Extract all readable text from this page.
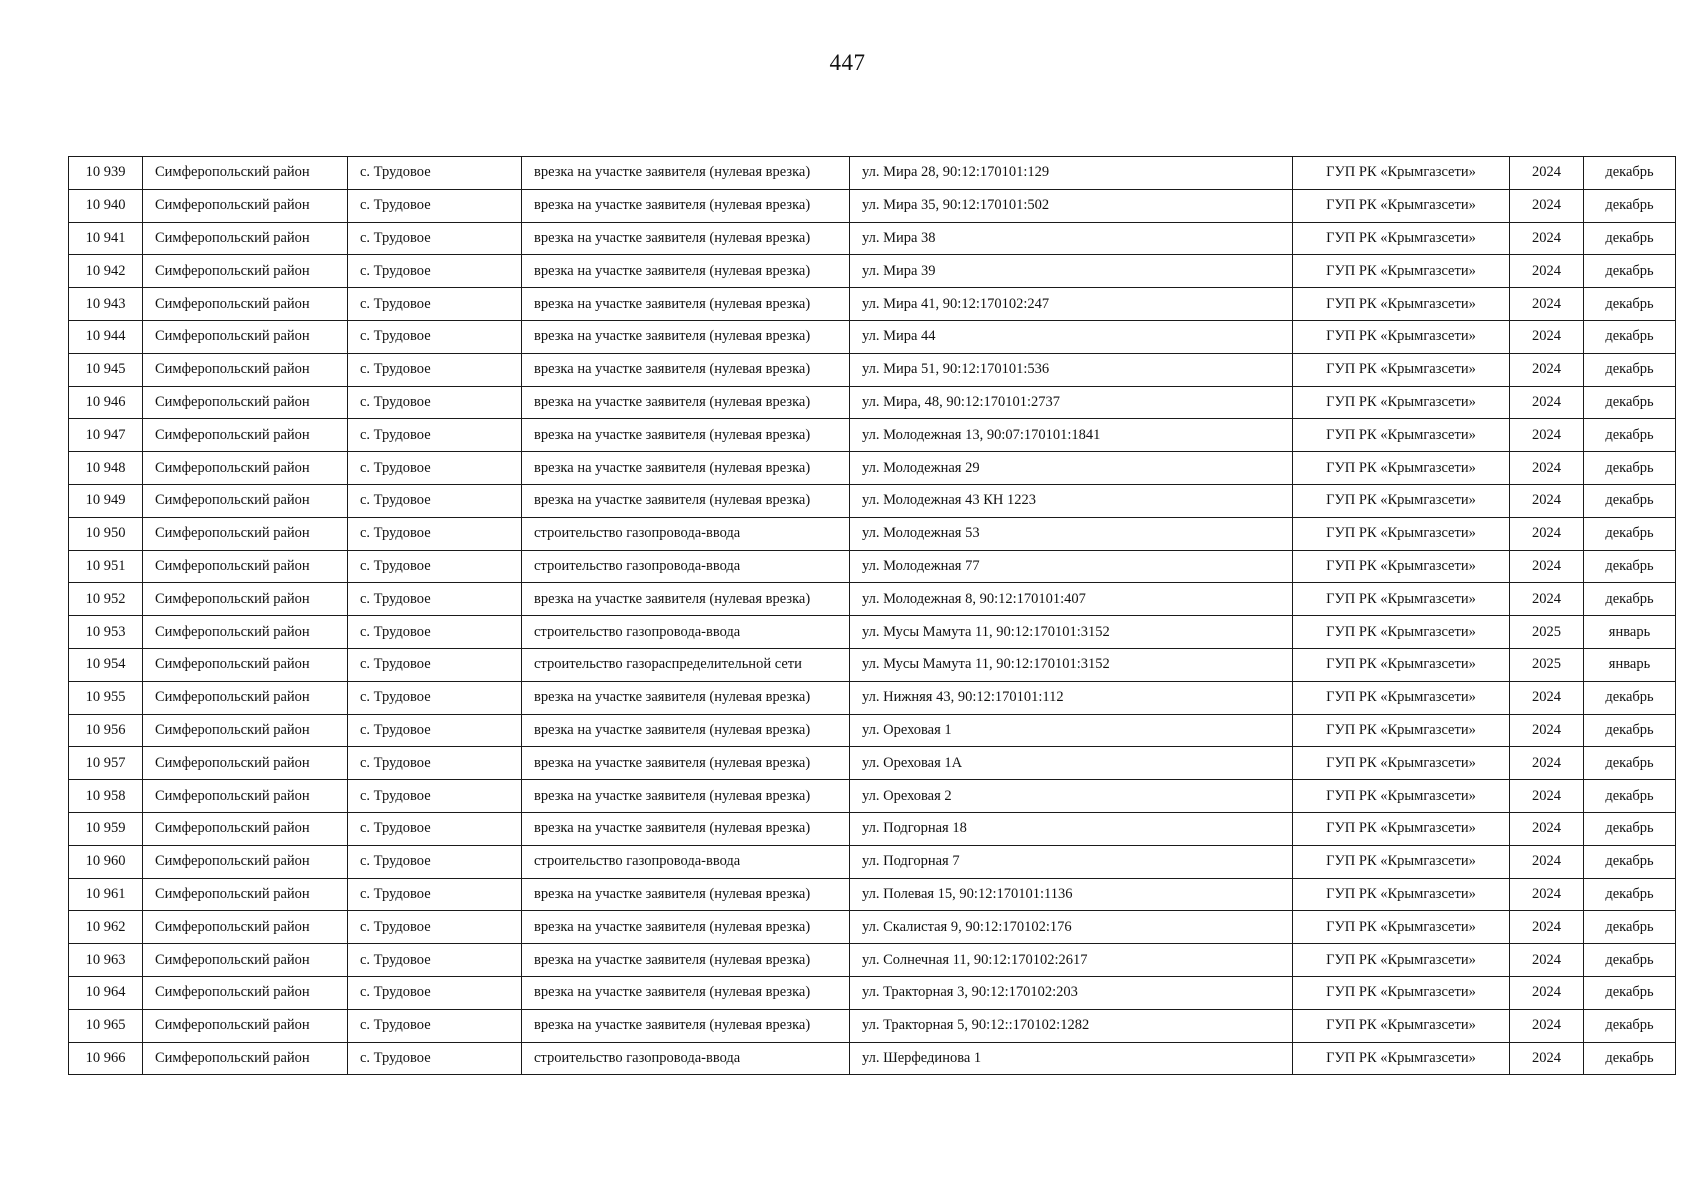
447
10 939	Симферопольский район	с. Трудовое	врезка на участке заявителя (нулевая врезка)	ул. Мира 28, 90:12:170101:129	ГУП РК «Крымгазсети»	2024	декабрь
10 940	Симферопольский район	с. Трудовое	врезка на участке заявителя (нулевая врезка)	ул. Мира 35, 90:12:170101:502	ГУП РК «Крымгазсети»	2024	декабрь
10 941	Симферопольский район	с. Трудовое	врезка на участке заявителя (нулевая врезка)	ул. Мира 38	ГУП РК «Крымгазсети»	2024	декабрь
10 942	Симферопольский район	с. Трудовое	врезка на участке заявителя (нулевая врезка)	ул. Мира 39	ГУП РК «Крымгазсети»	2024	декабрь
10 943	Симферопольский район	с. Трудовое	врезка на участке заявителя (нулевая врезка)	ул. Мира 41, 90:12:170102:247	ГУП РК «Крымгазсети»	2024	декабрь
10 944	Симферопольский район	с. Трудовое	врезка на участке заявителя (нулевая врезка)	ул. Мира 44	ГУП РК «Крымгазсети»	2024	декабрь
10 945	Симферопольский район	с. Трудовое	врезка на участке заявителя (нулевая врезка)	ул. Мира 51, 90:12:170101:536	ГУП РК «Крымгазсети»	2024	декабрь
10 946	Симферопольский район	с. Трудовое	врезка на участке заявителя (нулевая врезка)	ул. Мира, 48, 90:12:170101:2737	ГУП РК «Крымгазсети»	2024	декабрь
10 947	Симферопольский район	с. Трудовое	врезка на участке заявителя (нулевая врезка)	ул. Молодежная 13, 90:07:170101:1841	ГУП РК «Крымгазсети»	2024	декабрь
10 948	Симферопольский район	с. Трудовое	врезка на участке заявителя (нулевая врезка)	ул. Молодежная 29	ГУП РК «Крымгазсети»	2024	декабрь
10 949	Симферопольский район	с. Трудовое	врезка на участке заявителя (нулевая врезка)	ул. Молодежная 43 КН 1223	ГУП РК «Крымгазсети»	2024	декабрь
10 950	Симферопольский район	с. Трудовое	строительство газопровода-ввода	ул. Молодежная 53	ГУП РК «Крымгазсети»	2024	декабрь
10 951	Симферопольский район	с. Трудовое	строительство газопровода-ввода	ул. Молодежная 77	ГУП РК «Крымгазсети»	2024	декабрь
10 952	Симферопольский район	с. Трудовое	врезка на участке заявителя (нулевая врезка)	ул. Молодежная 8, 90:12:170101:407	ГУП РК «Крымгазсети»	2024	декабрь
10 953	Симферопольский район	с. Трудовое	строительство газопровода-ввода	ул. Мусы Мамута 11, 90:12:170101:3152	ГУП РК «Крымгазсети»	2025	январь
10 954	Симферопольский район	с. Трудовое	строительство газораспределительной сети	ул. Мусы Мамута 11, 90:12:170101:3152	ГУП РК «Крымгазсети»	2025	январь
10 955	Симферопольский район	с. Трудовое	врезка на участке заявителя (нулевая врезка)	ул. Нижняя 43, 90:12:170101:112	ГУП РК «Крымгазсети»	2024	декабрь
10 956	Симферопольский район	с. Трудовое	врезка на участке заявителя (нулевая врезка)	ул. Ореховая 1	ГУП РК «Крымгазсети»	2024	декабрь
10 957	Симферопольский район	с. Трудовое	врезка на участке заявителя (нулевая врезка)	ул. Ореховая 1А	ГУП РК «Крымгазсети»	2024	декабрь
10 958	Симферопольский район	с. Трудовое	врезка на участке заявителя (нулевая врезка)	ул. Ореховая 2	ГУП РК «Крымгазсети»	2024	декабрь
10 959	Симферопольский район	с. Трудовое	врезка на участке заявителя (нулевая врезка)	ул. Подгорная 18	ГУП РК «Крымгазсети»	2024	декабрь
10 960	Симферопольский район	с. Трудовое	строительство газопровода-ввода	ул. Подгорная 7	ГУП РК «Крымгазсети»	2024	декабрь
10 961	Симферопольский район	с. Трудовое	врезка на участке заявителя (нулевая врезка)	ул. Полевая 15, 90:12:170101:1136	ГУП РК «Крымгазсети»	2024	декабрь
10 962	Симферопольский район	с. Трудовое	врезка на участке заявителя (нулевая врезка)	ул. Скалистая 9, 90:12:170102:176	ГУП РК «Крымгазсети»	2024	декабрь
10 963	Симферопольский район	с. Трудовое	врезка на участке заявителя (нулевая врезка)	ул. Солнечная 11, 90:12:170102:2617	ГУП РК «Крымгазсети»	2024	декабрь
10 964	Симферопольский район	с. Трудовое	врезка на участке заявителя (нулевая врезка)	ул. Тракторная 3, 90:12:170102:203	ГУП РК «Крымгазсети»	2024	декабрь
10 965	Симферопольский район	с. Трудовое	врезка на участке заявителя (нулевая врезка)	ул. Тракторная 5, 90:12::170102:1282	ГУП РК «Крымгазсети»	2024	декабрь
10 966	Симферопольский район	с. Трудовое	строительство газопровода-ввода	ул. Шерфединова 1	ГУП РК «Крымгазсети»	2024	декабрь
